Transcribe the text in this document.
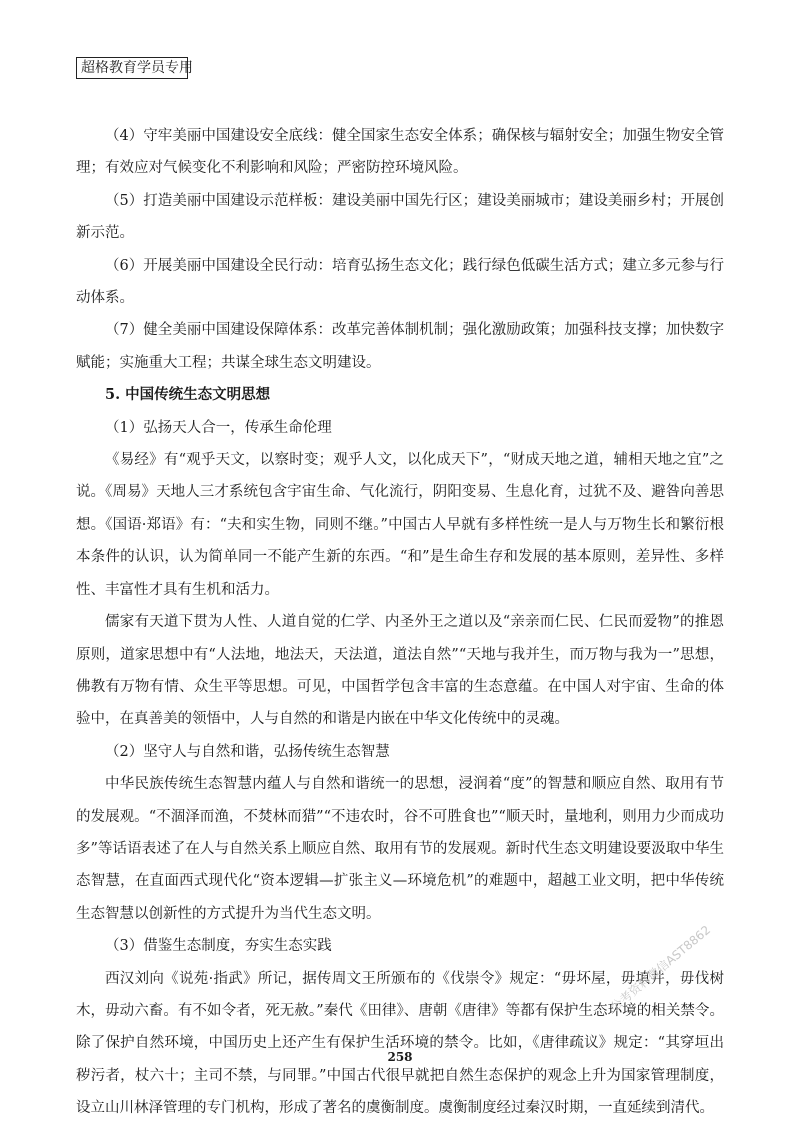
超格教育学员专用

（4）守牢美丽中国建设安全底线：健全国家生态安全体系；确保核与辐射安全；加强生物安全管理；有效应对气候变化不利影响和风险；严密防控环境风险。

（5）打造美丽中国建设示范样板：建设美丽中国先行区；建设美丽城市；建设美丽乡村；开展创新示范。

（6）开展美丽中国建设全民行动：培育弘扬生态文化；践行绿色低碳生活方式；建立多元参与行动体系。

（7）健全美丽中国建设保障体系：改革完善体制机制；强化激励政策；加强科技支撑；加快数字赋能；实施重大工程；共谋全球生态文明建设。

5. 中国传统生态文明思想

（1）弘扬天人合一，传承生命伦理

《易经》有“观乎天文，以察时变；观乎人文，以化成天下”，“财成天地之道，辅相天地之宜”之说。《周易》天地人三才系统包含宇宙生命、气化流行，阴阳变易、生息化育，过犹不及、避咎向善思想。《国语·郑语》有：“夫和实生物，同则不继。”中国古人早就有多样性统一是人与万物生长和繁衍根本条件的认识，认为简单同一不能产生新的东西。“和”是生命生存和发展的基本原则，差异性、多样性、丰富性才具有生机和活力。

儒家有天道下贯为人性、人道自觉的仁学、内圣外王之道以及“亲亲而仁民、仁民而爱物”的推恩原则，道家思想中有“人法地，地法天，天法道，道法自然”“天地与我并生，而万物与我为一”思想，佛教有万物有情、众生平等思想。可见，中国哲学包含丰富的生态意蕴。在中国人对宇宙、生命的体验中，在真善美的领悟中，人与自然的和谐是内嵌在中华文化传统中的灵魂。

（2）坚守人与自然和谐，弘扬传统生态智慧

中华民族传统生态智慧内蕴人与自然和谐统一的思想，浸润着“度”的智慧和顺应自然、取用有节的发展观。“不涸泽而渔，不焚林而猎”“不违农时，谷不可胜食也”“顺天时，量地利，则用力少而成功多”等话语表述了在人与自然关系上顺应自然、取用有节的发展观。新时代生态文明建设要汲取中华生态智慧，在直面西式现代化“资本逻辑—扩张主义—环境危机”的难题中，超越工业文明，把中华传统生态智慧以创新性的方式提升为当代生态文明。

（3）借鉴生态制度，夯实生态实践

西汉刘向《说苑·指武》所记，据传周文王所颁布的《伐崇令》规定：“毋坏屋，毋填井，毋伐树木，毋动六畜。有不如令者，死无赦。”秦代《田律》、唐朝《唐律》等都有保护生态环境的相关禁令。除了保护自然环境，中国历史上还产生有保护生活环境的禁令。比如，《唐律疏议》规定：“其穿垣出秽污者，杖六十；主司不禁，与同罪。”中国古代很早就把自然生态保护的观念上升为国家管理制度，设立山川林泽管理的专门机构，形成了著名的虞衡制度。虞衡制度经过秦汉时期，一直延续到清代。

公考资料微信AST8862
258
